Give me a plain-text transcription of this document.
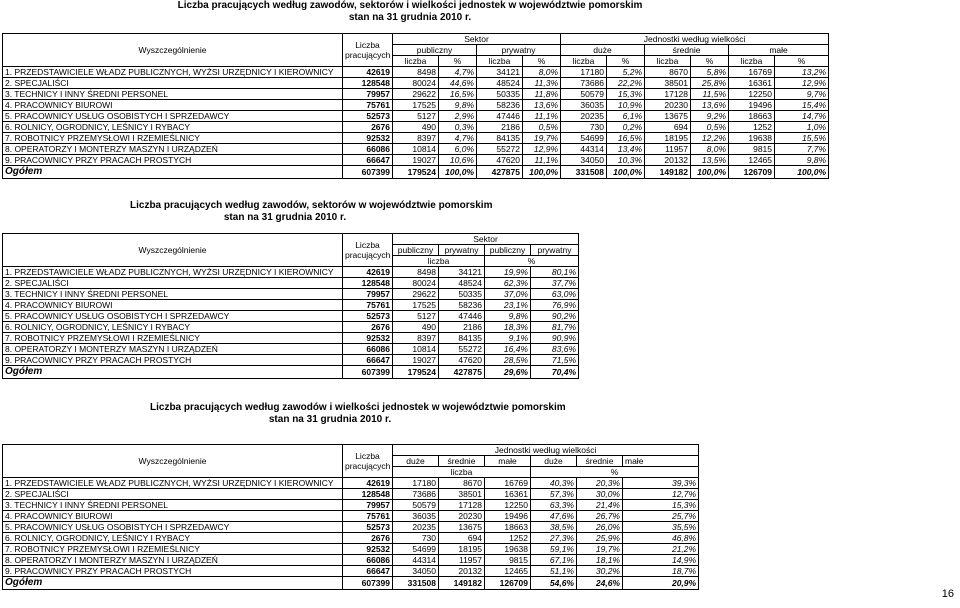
Liczba pracujących według zawodów, sektorów i wielkości jednostek w województwie pomorskim
stan na 31 grudnia 2010 r.
Wyszczególnienie	Liczba
pracujących	Sektor				Jednostki według wielkości					
		publiczny		prywatny		duże		średnie		małe	
		liczba	%	liczba	%	liczba	%	liczba	%	liczba	%
1. PRZEDSTAWICIELE WŁADZ PUBLICZNYCH, WYŻSI URZĘDNICY I KIEROWNICY	42619	8498	4,7%	34121	8,0%	17180	5,2%	8670	5,8%	16769	13,2%
2. SPECJALIŚCI	128548	80024	44,6%	48524	11,3%	73686	22,2%	38501	25,8%	16361	12,9%
3. TECHNICY I INNY ŚREDNI PERSONEL	79957	29622	16,5%	50335	11,8%	50579	15,3%	17128	11,5%	12250	9,7%
4. PRACOWNICY BIUROWI	75761	17525	9,8%	58236	13,6%	36035	10,9%	20230	13,6%	19496	15,4%
5. PRACOWNICY USŁUG OSOBISTYCH I SPRZEDAWCY	52573	5127	2,9%	47446	11,1%	20235	6,1%	13675	9,2%	18663	14,7%
6. ROLNICY, OGRODNICY, LEŚNICY I RYBACY	2676	490	0,3%	2186	0,5%	730	0,2%	694	0,5%	1252	1,0%
7. ROBOTNICY PRZEMYSŁOWI I RZEMIEŚLNICY	92532	8397	4,7%	84135	19,7%	54699	16,5%	18195	12,2%	19638	15,5%
8. OPERATORZY I MONTERZY MASZYN I URZĄDZEŃ	66086	10814	6,0%	55272	12,9%	44314	13,4%	11957	8,0%	9815	7,7%
9. PRACOWNICY PRZY PRACACH PROSTYCH	66647	19027	10,6%	47620	11,1%	34050	10,3%	20132	13,5%	12465	9,8%
Ogółem	607399	179524	100,0%	427875	100,0%	331508	100,0%	149182	100,0%	126709	100,0%
Liczba pracujących według zawodów, sektorów w województwie pomorskim
stan na 31 grudnia 2010 r.
Wyszczególnienie	Liczba
pracujących	Sektor			
		publiczny	prywatny	publiczny	prywatny
		liczba		%	
1. PRZEDSTAWICIELE WŁADZ PUBLICZNYCH, WYŻSI URZĘDNICY I KIEROWNICY	42619	8498	34121	19,9%	80,1%
2. SPECJALIŚCI	128548	80024	48524	62,3%	37,7%
3. TECHNICY I INNY ŚREDNI PERSONEL	79957	29622	50335	37,0%	63,0%
4. PRACOWNICY BIUROWI	75761	17525	58236	23,1%	76,9%
5. PRACOWNICY USŁUG OSOBISTYCH I SPRZEDAWCY	52573	5127	47446	9,8%	90,2%
6. ROLNICY, OGRODNICY, LEŚNICY I RYBACY	2676	490	2186	18,3%	81,7%
7. ROBOTNICY PRZEMYSŁOWI I RZEMIEŚLNICY	92532	8397	84135	9,1%	90,9%
8. OPERATORZY I MONTERZY MASZYN I URZĄDZEŃ	66086	10814	55272	16,4%	83,6%
9. PRACOWNICY PRZY PRACACH PROSTYCH	66647	19027	47620	28,5%	71,5%
Ogółem	607399	179524	427875	29,6%	70,4%
Liczba pracujących według zawodów i wielkości jednostek w województwie pomorskim
stan na 31 grudnia 2010 r.
Wyszczególnienie	Liczba
pracujących	Jednostki według wielkości					
		duże	średnie	małe	duże	średnie	małe
		liczba			%		
1. PRZEDSTAWICIELE WŁADZ PUBLICZNYCH, WYŻSI URZĘDNICY I KIEROWNICY	42619	17180	8670	16769	40,3%	20,3%	39,3%
2. SPECJALIŚCI	128548	73686	38501	16361	57,3%	30,0%	12,7%
3. TECHNICY I INNY ŚREDNI PERSONEL	79957	50579	17128	12250	63,3%	21,4%	15,3%
4. PRACOWNICY BIUROWI	75761	36035	20230	19496	47,6%	26,7%	25,7%
5. PRACOWNICY USŁUG OSOBISTYCH I SPRZEDAWCY	52573	20235	13675	18663	38,5%	26,0%	35,5%
6. ROLNICY, OGRODNICY, LEŚNICY I RYBACY	2676	730	694	1252	27,3%	25,9%	46,8%
7. ROBOTNICY PRZEMYSŁOWI I RZEMIEŚLNICY	92532	54699	18195	19638	59,1%	19,7%	21,2%
8. OPERATORZY I MONTERZY MASZYN I URZĄDZEŃ	66086	44314	11957	9815	67,1%	18,1%	14,9%
9. PRACOWNICY PRZY PRACACH PROSTYCH	66647	34050	20132	12465	51,1%	30,2%	18,7%
Ogółem	607399	331508	149182	126709	54,6%	24,6%	20,9%
16
